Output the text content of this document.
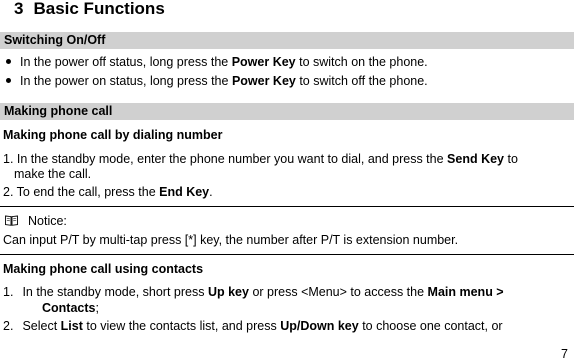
3 Basic Functions
Switching On/Off
In the power off status, long press the Power Key to switch on the phone.
In the power on status, long press the Power Key to switch off the phone.
Making phone call
Making phone call by dialing number
1. In the standby mode, enter the phone number you want to dial, and press the Send Key to
make the call.
2. To end the call, press the End Key.
Notice:
Can input P/T by multi-tap press [*] key, the number after P/T is extension number.
Making phone call using contacts
1. In the standby mode, short press Up key or press <Menu> to access the Main menu >
Contacts;
2. Select List to view the contacts list, and press Up/Down key to choose one contact, or
7
